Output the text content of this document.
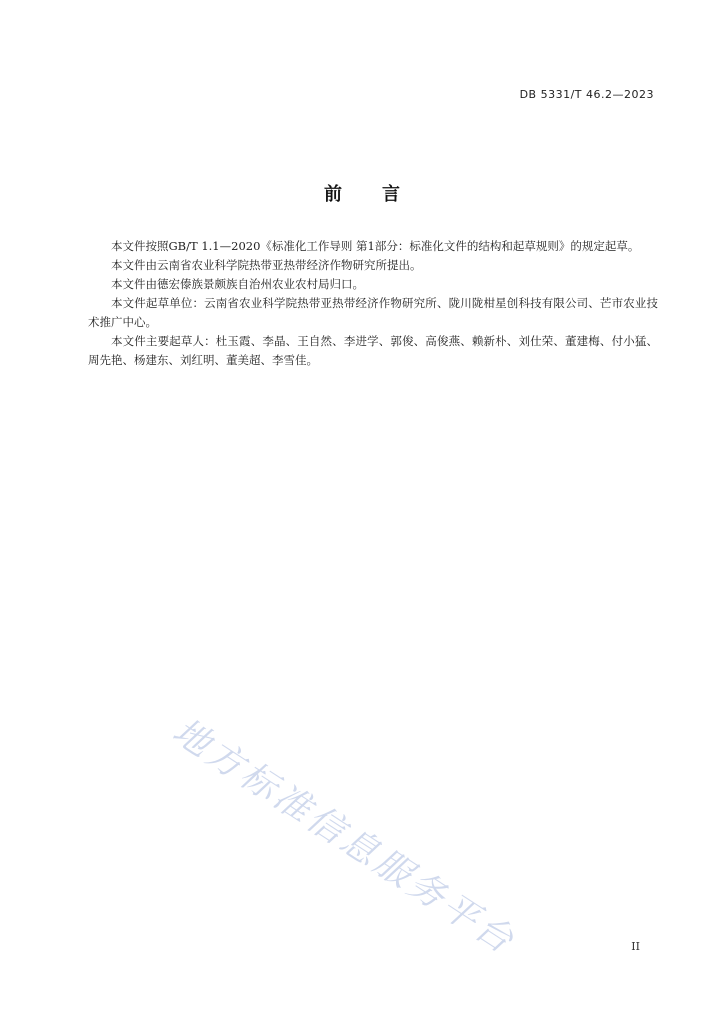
DB 5331/T 46.2—2023
前言

本文件按照GB/T 1.1—2020《标准化工作导则 第1部分：标准化文件的结构和起草规则》的规定起草。

本文件由云南省农业科学院热带亚热带经济作物研究所提出。

本文件由德宏傣族景颇族自治州农业农村局归口。

本文件起草单位：云南省农业科学院热带亚热带经济作物研究所、陇川陇柑星创科技有限公司、芒市农业技术推广中心。

本文件主要起草人：杜玉霞、李晶、王自然、李进学、郭俊、高俊燕、赖新朴、刘仕荣、董建梅、付小猛、周先艳、杨建东、刘红明、董美超、李雪佳。

地方标准信息服务平台	II
